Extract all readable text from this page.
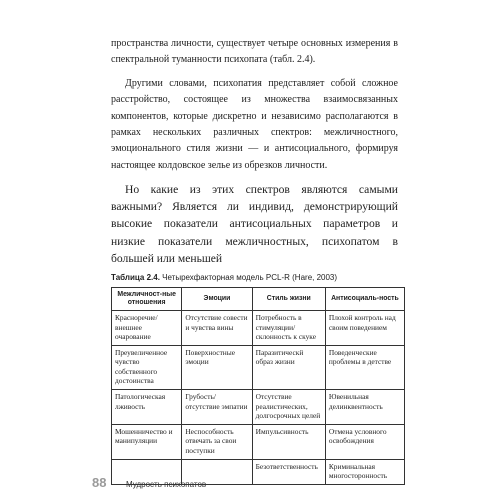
пространства личности, существует четыре основных измерения в спектральной туманности психопата (табл. 2.4).

Другими словами, психопатия представляет собой сложное расстройство, состоящее из множества взаимосвязанных компонентов, которые дискретно и независимо располагаются в рамках нескольких различных спектров: межличностного, эмоционального стиля жизни — и антисоциального, формируя настоящее колдовское зелье из обрезков личности.

Но какие из этих спектров являются самыми важными? Является ли индивид, демонстрирующий высокие показатели антисоциальных параметров и низкие показатели межличностных, психопатом в большей или меньшей

Таблица 2.4. Четырехфакторная модель PCL-R (Hare, 2003)
Межличност-ные отношения	Эмоции	Стиль жизни	Антисоциаль-ность
Красноречие/ внешнее очарование	Отсутствие совести и чувства вины	Потребность в стимуляции/ склонность к скуке	Плохой контроль над своим поведением
Преувеличенное чувство собственного достоинства	Поверхностные эмоции	Паразитическй образ жизни	Поведенческие проблемы в детстве
Патологическая лживость	Грубость/отсутствие эмпатии	Отсутствие реалистических, долгосрочных целей	Ювенильная делинквентность
Мошенничество и манипуляции	Неспособность отвечать за свои поступки	Импульсивность	Отмена условного освобождения
		Безответственность	Криминальная многосторонность
88	Мудрость психопатов
